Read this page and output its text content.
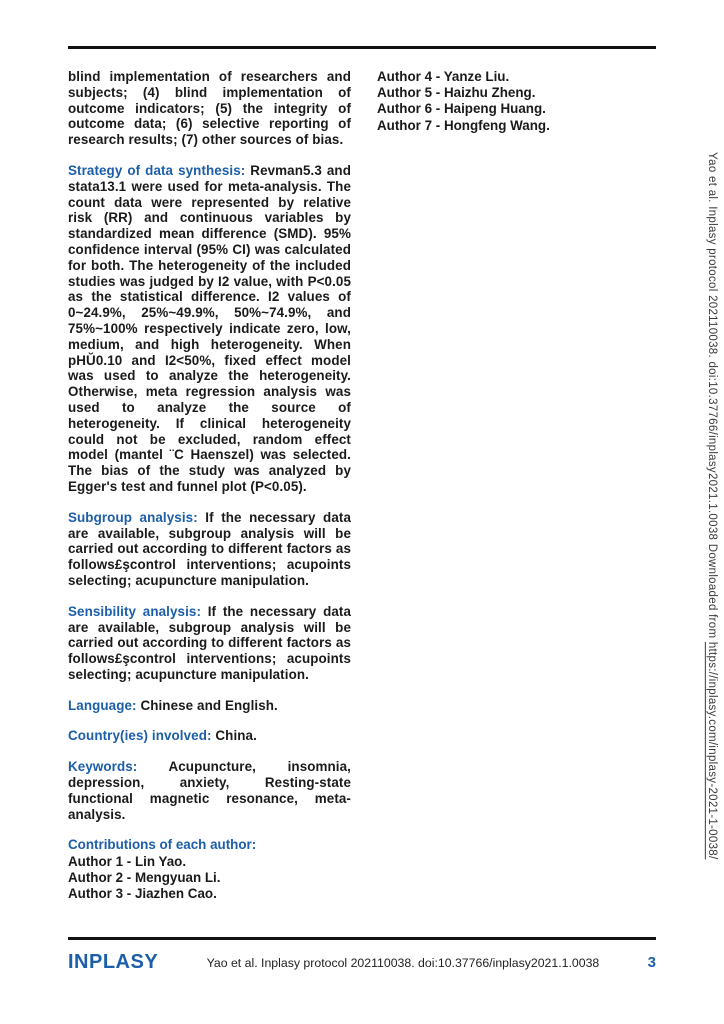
blind implementation of researchers and subjects; (4) blind implementation of outcome indicators; (5) the integrity of outcome data; (6) selective reporting of research results; (7) other sources of bias.

Strategy of data synthesis: Revman5.3 and stata13.1 were used for meta-analysis. The count data were represented by relative risk (RR) and continuous variables by standardized mean difference (SMD). 95% confidence interval (95% CI) was calculated for both. The heterogeneity of the included studies was judged by I2 value, with P<0.05 as the statistical difference. I2 values of 0~24.9%, 25%~49.9%, 50%~74.9%, and 75%~100% respectively indicate zero, low, medium, and high heterogeneity. When pHŬ0.10 and I2<50%, fixed effect model was used to analyze the heterogeneity. Otherwise, meta regression analysis was used to analyze the source of heterogeneity. If clinical heterogeneity could not be excluded, random effect model (mantel ¨C Haenszel) was selected. The bias of the study was analyzed by Egger's test and funnel plot (P<0.05).

Subgroup analysis: If the necessary data are available, subgroup analysis will be carried out according to different factors as follows£şcontrol interventions; acupoints selecting; acupuncture manipulation.

Sensibility analysis: If the necessary data are available, subgroup analysis will be carried out according to different factors as follows£şcontrol interventions; acupoints selecting; acupuncture manipulation.

Language: Chinese and English.

Country(ies) involved: China.

Keywords: Acupuncture, insomnia, depression, anxiety, Resting-state functional magnetic resonance, meta-analysis.

Contributions of each author:
Author 1 - Lin Yao.
Author 2 - Mengyuan Li.
Author 3 - Jiazhen Cao.
Author 4 - Yanze Liu.
Author 5 - Haizhu Zheng.
Author 6 - Haipeng Huang.
Author 7 - Hongfeng Wang.
Yao et al. Inplasy protocol 202110038. doi:10.37766/inplasy2021.1.0038 Downloaded from https://inplasy.com/inplasy-2021-1-0038/
INPLASY	Yao et al. Inplasy protocol 202110038. doi:10.37766/inplasy2021.1.0038	3
